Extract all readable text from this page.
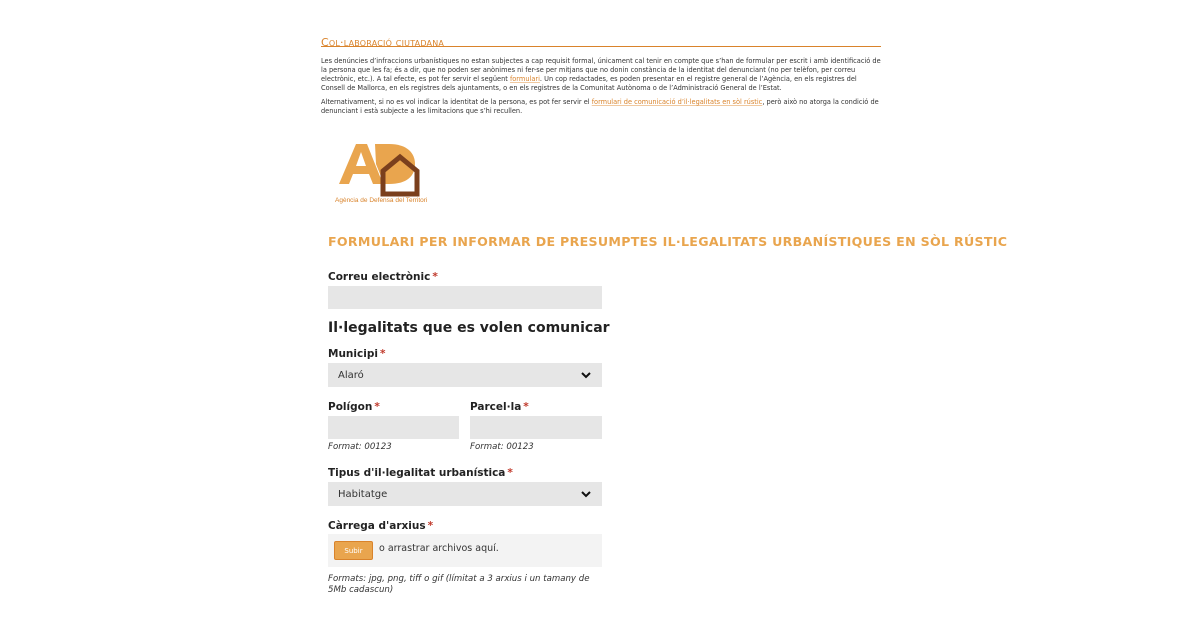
Col·laboració ciutadana
Les denúncies d’infraccions urbanístiques no estan subjectes a cap requisit formal, únicament cal tenir en compte que s’han de formular per escrit i amb identificació de la persona que les fa; és a dir, que no poden ser anònimes ni fer-se per mitjans que no donin constància de la identitat del denunciant (no per telèfon, per correu electrònic, etc.). A tal efecte, es pot fer servir el següent formulari. Un cop redactades, es poden presentar en el registre general de l’Agència, en els registres del Consell de Mallorca, en els registres dels ajuntaments, o en els registres de la Comunitat Autònoma o de l’Administració General de l’Estat.
Alternativament, si no es vol indicar la identitat de la persona, es pot fer servir el formulari de comunicació d’il·legalitats en sòl rústic, però això no atorga la condició de denunciant i està subjecte a les limitacions que s’hi recullen.
Agència de Defensa del Territori
FORMULARI PER INFORMAR DE PRESUMPTES IL·LEGALITATS URBANÍSTIQUES EN SÒL RÚSTIC
Correu electrònic *
Il·legalitats que es volen comunicar
Municipi *
Alaró
Polígon *
Format: 00123
Parcel·la *
Format: 00123
Tipus d'il·legalitat urbanística *
Habitatge
Càrrega d'arxius *
Subir	o arrastrar archivos aquí.
Formats: jpg, png, tiff o gif (límitat a 3 arxius i un tamany de 5Mb cadascun)
